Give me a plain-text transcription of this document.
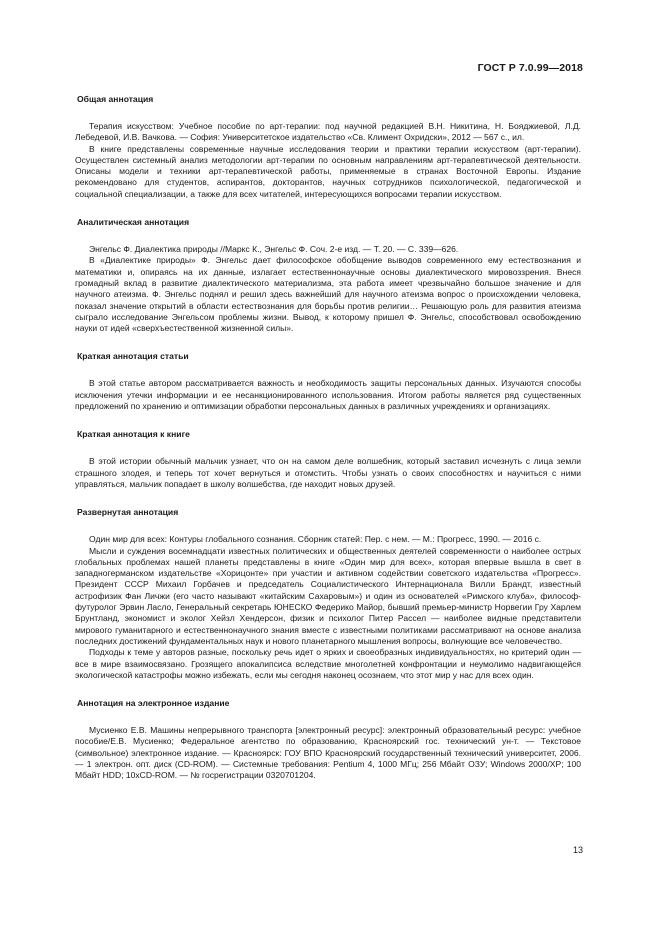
ГОСТ Р 7.0.99—2018

Общая аннотация

Терапия искусством: Учебное пособие по арт-терапии: под научной редакцией В.Н. Никитина, Н. Бояджиевой, Л.Д. Лебедевой, И.В. Вачкова. — София: Университетское издательство «Св. Климент Охридски», 2012 — 567 с., ил.

В книге представлены современные научные исследования теории и практики терапии искусством (арт-терапии). Осуществлен системный анализ методологии арт-терапии по основным направлениям арт-терапевтической деятельности. Описаны модели и техники арт-терапевтической работы, применяемые в странах Восточной Европы. Издание рекомендовано для студентов, аспирантов, докторантов, научных сотрудников психологической, педагогической и социальной специализации, а также для всех читателей, интересующихся вопросами терапии искусством.

Аналитическая аннотация

Энгельс Ф. Диалектика природы //Маркс К., Энгельс Ф. Соч. 2-е изд. — Т. 20. — С. 339—626.

В «Диалектике природы» Ф. Энгельс дает философское обобщение выводов современного ему естествознания и математики и, опираясь на их данные, излагает естественнонаучные основы диалектического мировоззрения. Внеся громадный вклад в развитие диалектического материализма, эта работа имеет чрезвычайно большое значение и для научного атеизма. Ф. Энгельс поднял и решил здесь важнейший для научного атеизма вопрос о происхождении человека, показал значение открытий в области естествознания для борьбы против религии… Решающую роль для развития атеизма сыграло исследование Энгельсом проблемы жизни. Вывод, к которому пришел Ф. Энгельс, способствовал освобождению науки от идей «сверхъестественной жизненной силы».

Краткая аннотация статьи

В этой статье автором рассматривается важность и необходимость защиты персональных данных. Изучаются способы исключения утечки информации и ее несанкционированного использования. Итогом работы является ряд существенных предложений по хранению и оптимизации обработки персональных данных в различных учреждениях и организациях.

Краткая аннотация к книге

В этой истории обычный мальчик узнает, что он на самом деле волшебник, который заставил исчезнуть с лица земли страшного злодея, и теперь тот хочет вернуться и отомстить. Чтобы узнать о своих способностях и научиться с ними управляться, мальчик попадает в школу волшебства, где находит новых друзей.

Развернутая аннотация

Один мир для всех: Контуры глобального сознания. Сборник статей: Пер. с нем. — М.: Прогресс, 1990. — 2016 с.

Мысли и суждения восемнадцати известных политических и общественных деятелей современности о наиболее острых глобальных проблемах нашей планеты представлены в книге «Один мир для всех», которая впервые вышла в свет в западногерманском издательстве «Хорицонте» при участии и активном содействии советского издательства «Прогресс». Президент СССР Михаил Горбачев и председатель Социалистического Интернационала Вилли Брандт, известный астрофизик Фан Личжи (его часто называют «китайским Сахаровым») и один из основателей «Римского клуба», философ-футуролог Эрвин Ласло, Генеральный секретарь ЮНЕСКО Федерико Майор, бывший премьер-министр Норвегии Гру Харлем Брунтланд, экономист и эколог Хейзл Хендерсон, физик и психолог Питер Рассел — наиболее видные представители мирового гуманитарного и естественнонаучного знания вместе с известными политиками рассматривают на основе анализа последних достижений фундаментальных наук и нового планетарного мышления вопросы, волнующие все человечество.

Подходы к теме у авторов разные, поскольку речь идет о ярких и своеобразных индивидуальностях, но критерий один — все в мире взаимосвязано. Грозящего апокалипсиса вследствие многолетней конфронтации и неумолимо надвигающейся экологической катастрофы можно избежать, если мы сегодня наконец осознаем, что этот мир у нас для всех один.

Аннотация на электронное издание

Мусиенко Е.В. Машины непрерывного транспорта [электронный ресурс]: электронный образовательный ресурс: учебное пособие/Е.В. Мусиенко; Федеральное агентство по образованию, Красноярский гос. технический ун-т. — Текстовое (символьное) электронное издание. — Красноярск: ГОУ ВПО Красноярский государственный технический университет, 2006. — 1 электрон. опт. диск (CD-ROM). — Системные требования: Pentium 4, 1000 МГц; 256 Мбайт ОЗУ; Windows 2000/XP; 100 Мбайт HDD; 10хCD-ROM. — № госрегистрации 0320701204.

13
